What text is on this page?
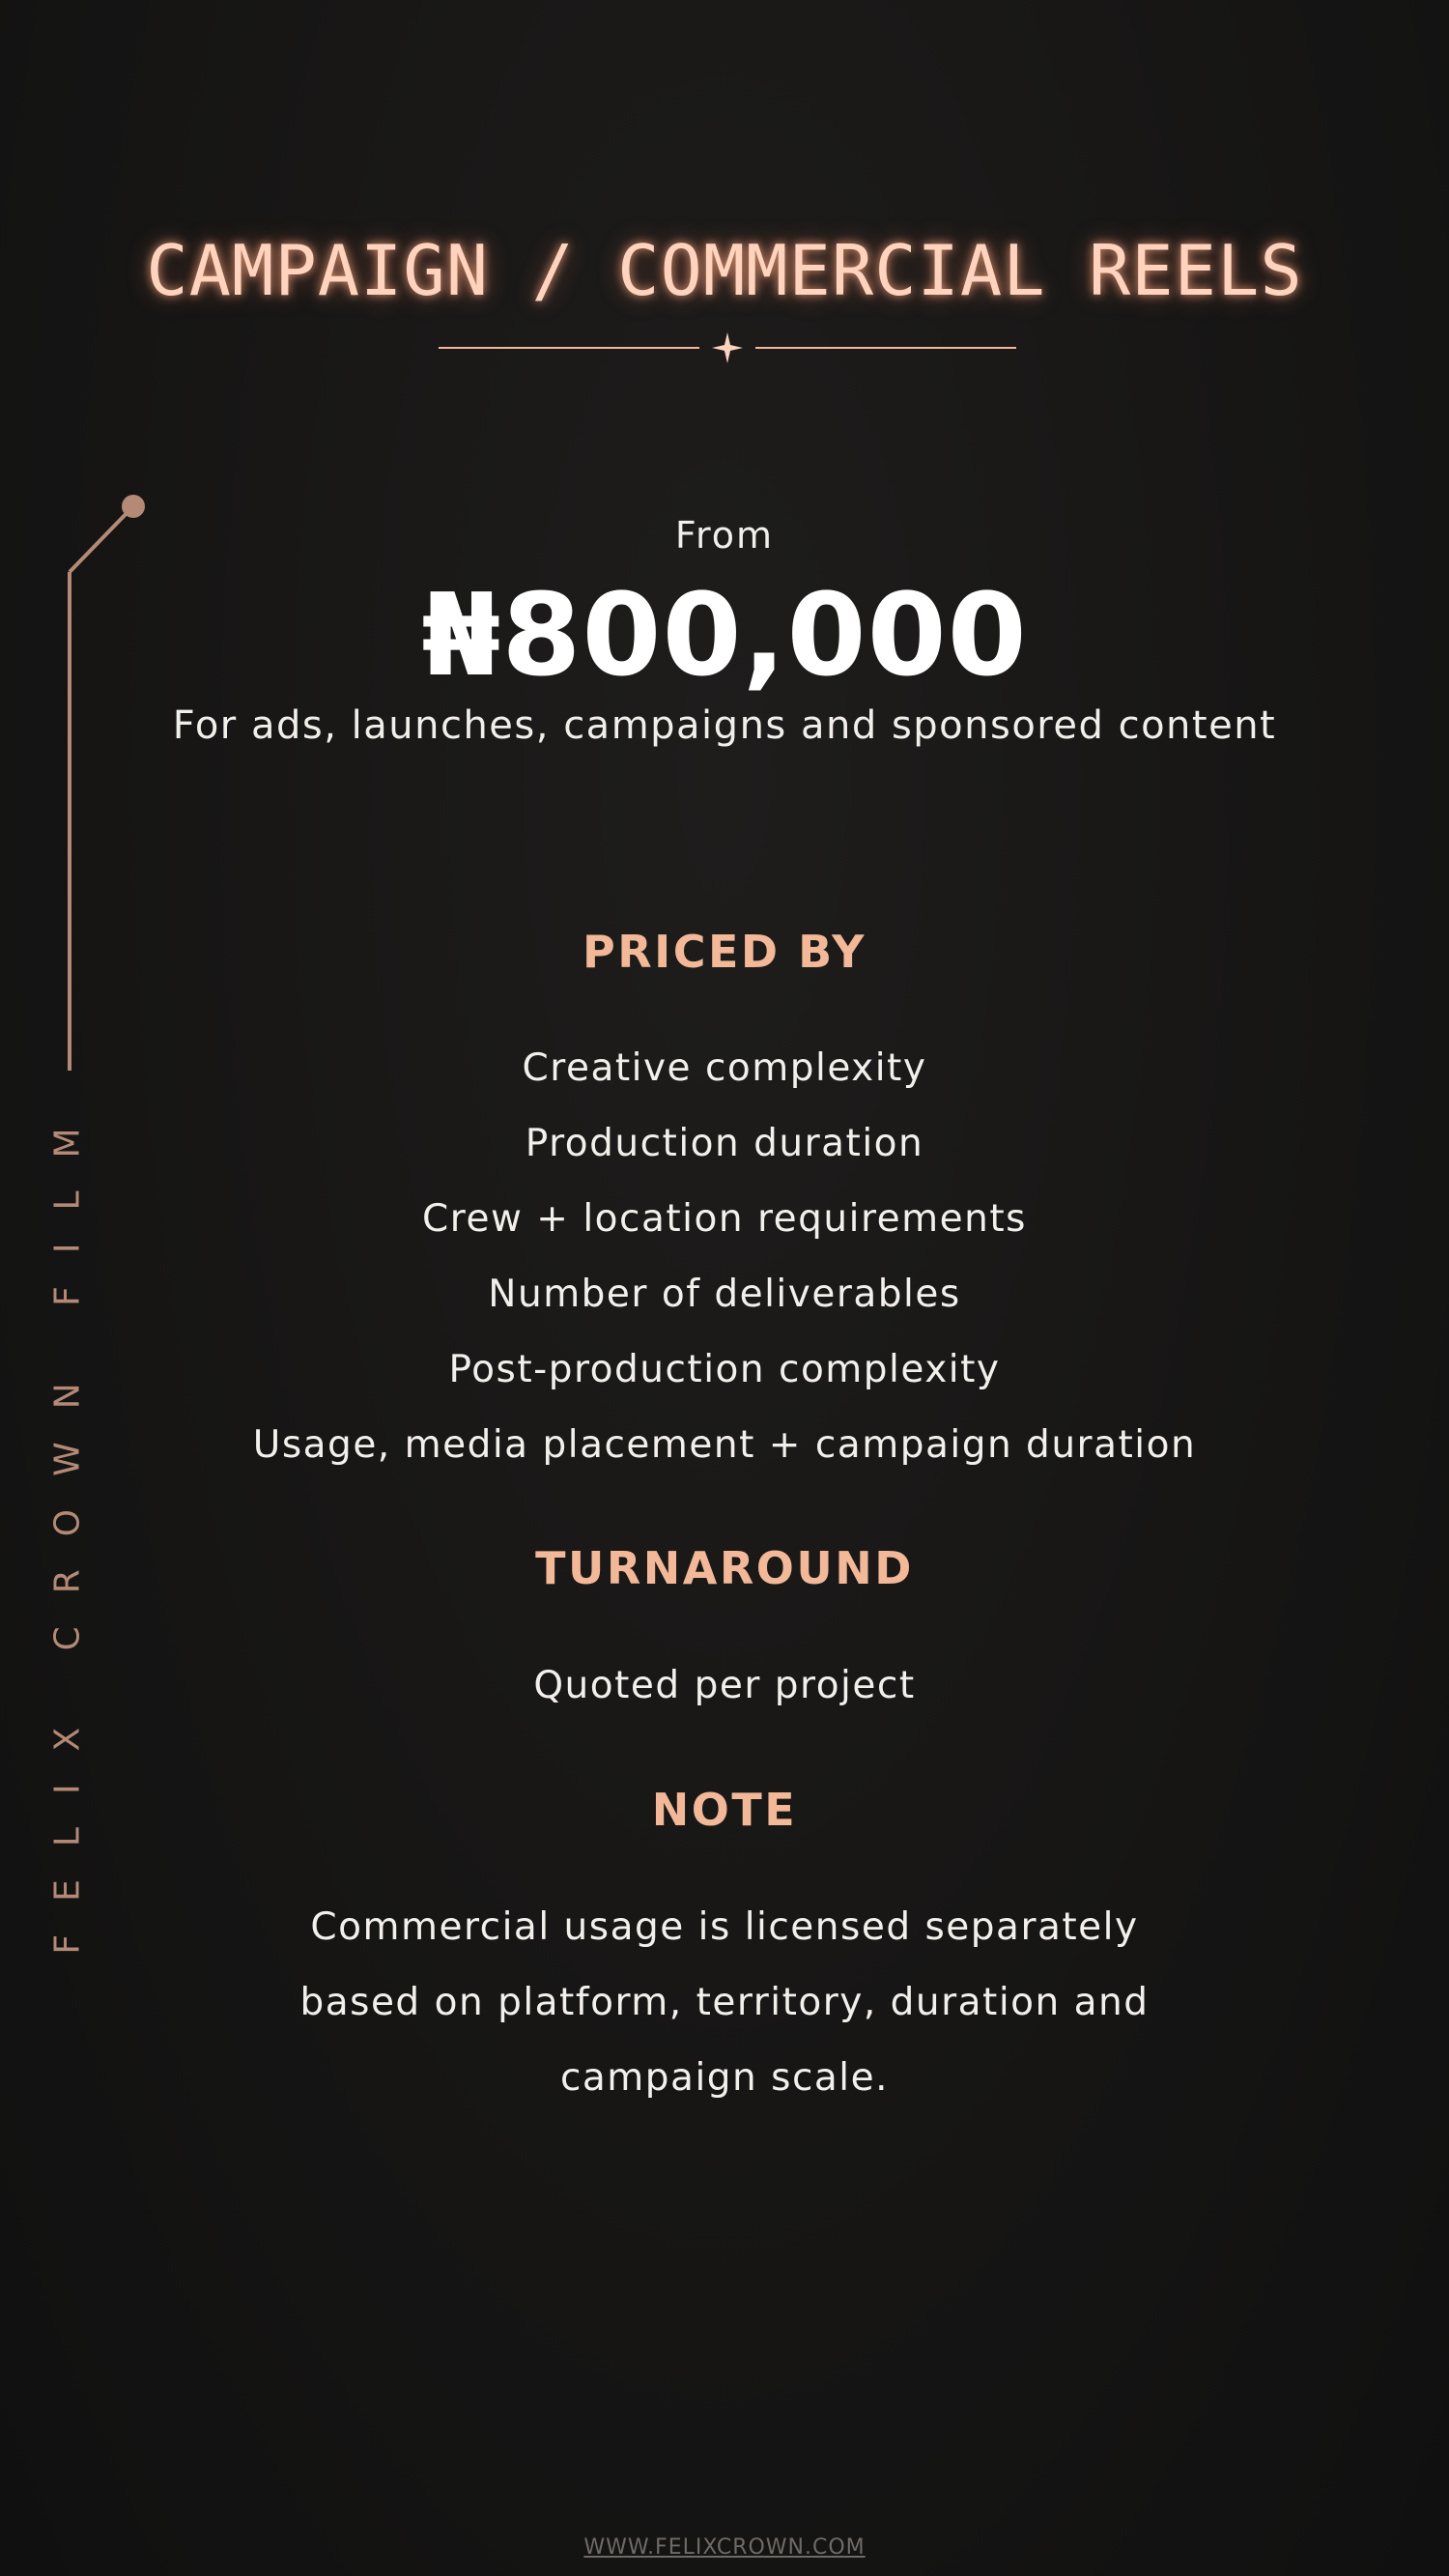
CAMPAIGN / COMMERCIAL REELS
FELIX CROWN FILM
From
₦800,000
For ads, launches, campaigns and sponsored content
PRICED BY
Creative complexity
Production duration
Crew + location requirements
Number of deliverables
Post-production complexity
Usage, media placement + campaign duration
TURNAROUND
Quoted per project
NOTE
Commercial usage is licensed separately
based on platform, territory, duration and
campaign scale.
WWW.FELIXCROWN.COM
